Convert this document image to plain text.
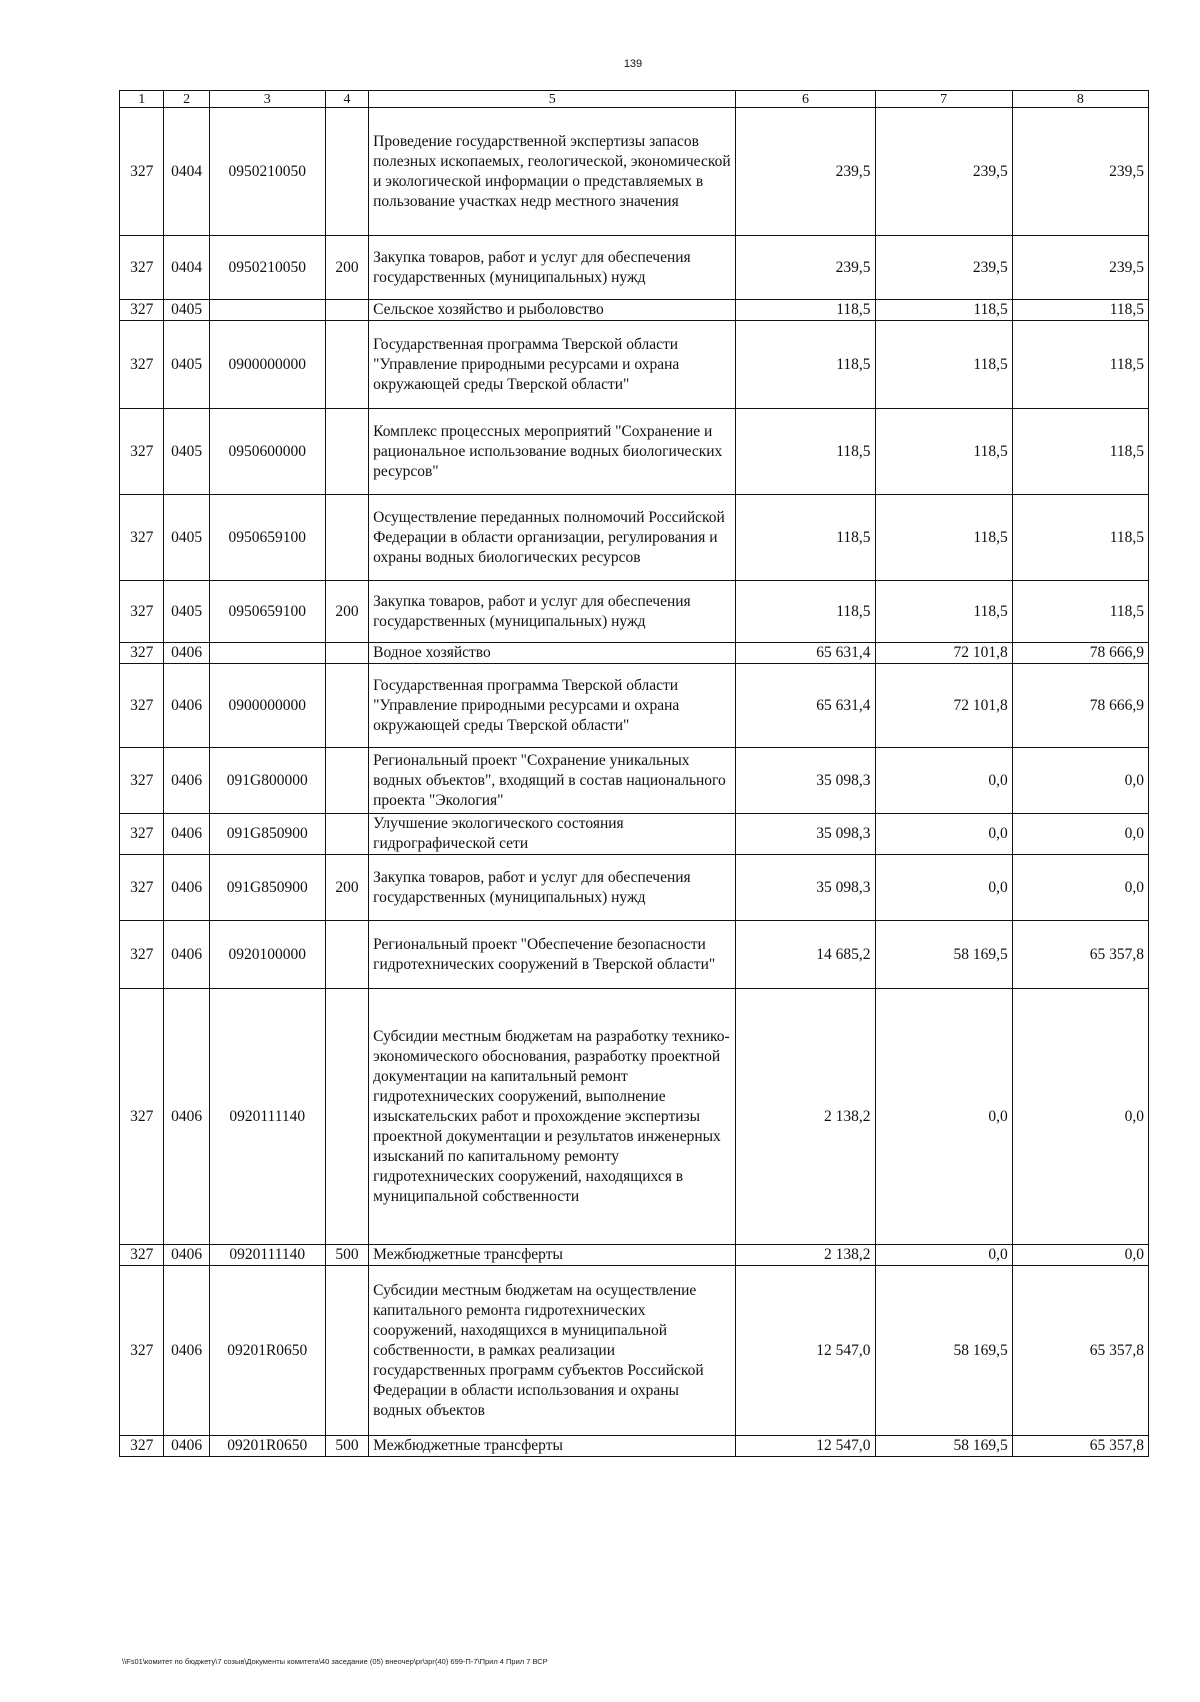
139
1	2	3	4	5	6	7	8
327	0404	0950210050		Проведение государственной экспертизы запасов полезных ископаемых, геологической, экономической и экологической информации о представляемых в пользование участках недр местного значения	239,5	239,5	239,5
327	0404	0950210050	200	Закупка товаров, работ и услуг для обеспечения государственных (муниципальных) нужд	239,5	239,5	239,5
327	0405			Сельское хозяйство и рыболовство	118,5	118,5	118,5
327	0405	0900000000		Государственная программа Тверской области "Управление природными ресурсами и охрана окружающей среды Тверской области"	118,5	118,5	118,5
327	0405	0950600000		Комплекс процессных мероприятий "Сохранение и рациональное использование водных биологических ресурсов"	118,5	118,5	118,5
327	0405	0950659100		Осуществление переданных полномочий Российской Федерации в области организации, регулирования и охраны водных биологических ресурсов	118,5	118,5	118,5
327	0405	0950659100	200	Закупка товаров, работ и услуг для обеспечения государственных (муниципальных) нужд	118,5	118,5	118,5
327	0406			Водное хозяйство	65 631,4	72 101,8	78 666,9
327	0406	0900000000		Государственная программа Тверской области "Управление природными ресурсами и охрана окружающей среды Тверской области"	65 631,4	72 101,8	78 666,9
327	0406	091G800000		Региональный проект "Сохранение уникальных водных объектов", входящий в состав национального проекта "Экология"	35 098,3	0,0	0,0
327	0406	091G850900		Улучшение экологического состояния гидрографической сети	35 098,3	0,0	0,0
327	0406	091G850900	200	Закупка товаров, работ и услуг для обеспечения государственных (муниципальных) нужд	35 098,3	0,0	0,0
327	0406	0920100000		Региональный проект "Обеспечение безопасности гидротехнических сооружений в Тверской области"	14 685,2	58 169,5	65 357,8
327	0406	0920111140		Субсидии местным бюджетам на разработку технико-экономического обоснования, разработку проектной документации на капитальный ремонт гидротехнических сооружений, выполнение изыскательских работ и прохождение экспертизы проектной документации и результатов инженерных изысканий по капитальному ремонту гидротехнических сооружений, находящихся в муниципальной собственности	2 138,2	0,0	0,0
327	0406	0920111140	500	Межбюджетные трансферты	2 138,2	0,0	0,0
327	0406	09201R0650		Субсидии местным бюджетам на осуществление капитального ремонта гидротехнических сооружений, находящихся в муниципальной собственности, в рамках реализации государственных программ субъектов Российской Федерации в области использования и охраны водных объектов	12 547,0	58 169,5	65 357,8
327	0406	09201R0650	500	Межбюджетные трансферты	12 547,0	58 169,5	65 357,8
\\Fs01\комитет по бюджету\7 созыв\Документы комитета\40 заседание (05) внеочер\pr\зрг(40) 699-П-7\Прил 4 Прил 7 ВСР
